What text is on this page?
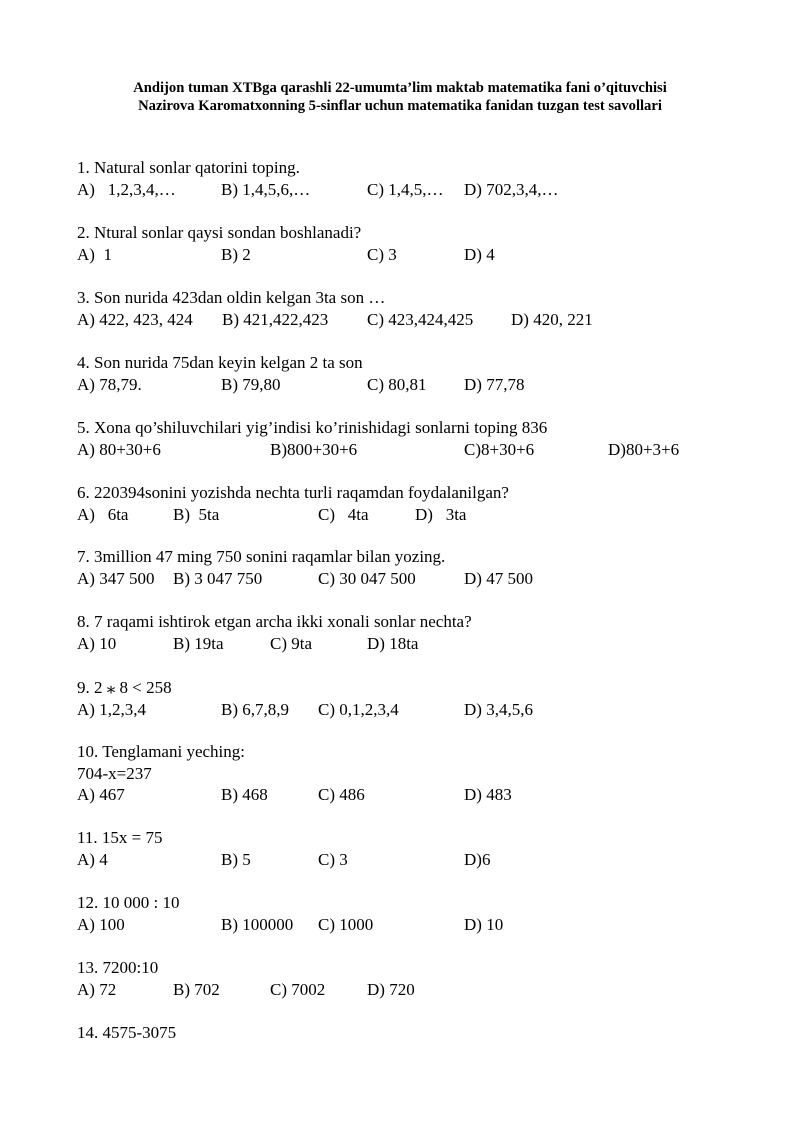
Andijon tuman XTBga qarashli 22-umumta’lim maktab matematika fani o’qituvchisi
Nazirova Karomatxonning 5-sinflar uchun matematika fanidan tuzgan test savollari
1. Natural sonlar qatorini toping.
A)   1,2,3,4,…	B) 1,4,5,6,…	C) 1,4,5,… D) 702,3,4,…
2. Ntural sonlar qaysi sondan boshlanadi?
A)  1	B) 2	C) 3	D) 4
3. Son nurida 423dan oldin kelgan 3ta son …
A) 422, 423, 424 B) 421,422,423 C) 423,424,425 D) 420, 221
4. Son nurida 75dan keyin kelgan 2 ta son
A) 78,79.	B) 79,80	C) 80,81 D) 77,78
5. Xona qo’shiluvchilari yig’indisi ko’rinishidagi sonlarni toping 836
A) 80+30+6	B)800+30+6	C)8+30+6	D)80+3+6
6. 220394sonini yozishda nechta turli raqamdan foydalanilgan?
A)   6ta	B)  5ta	C)   4ta	D)   3ta
7. 3million 47 ming 750 sonini raqamlar bilan yozing.
A) 347 500 B) 3 047 750	C) 30 047 500	D) 47 500
8. 7 raqami ishtirok etgan archa ikki xonali sonlar nechta?
A) 10	B) 19ta	C) 9ta	D) 18ta
9. 2 ⁎ 8 < 258
A) 1,2,3,4	B) 6,7,8,9 C) 0,1,2,3,4	D) 3,4,5,6
10. Tenglamani yeching:
704-x=237
A) 467	B) 468	C) 486	D) 483
11. 15x = 75
A) 4	B) 5	C) 3	D)6
12. 10 000 : 10
A) 100	B) 100000 C) 1000	D) 10
13. 7200:10
A) 72	B) 702	C) 7002 D) 720
14. 4575-3075
